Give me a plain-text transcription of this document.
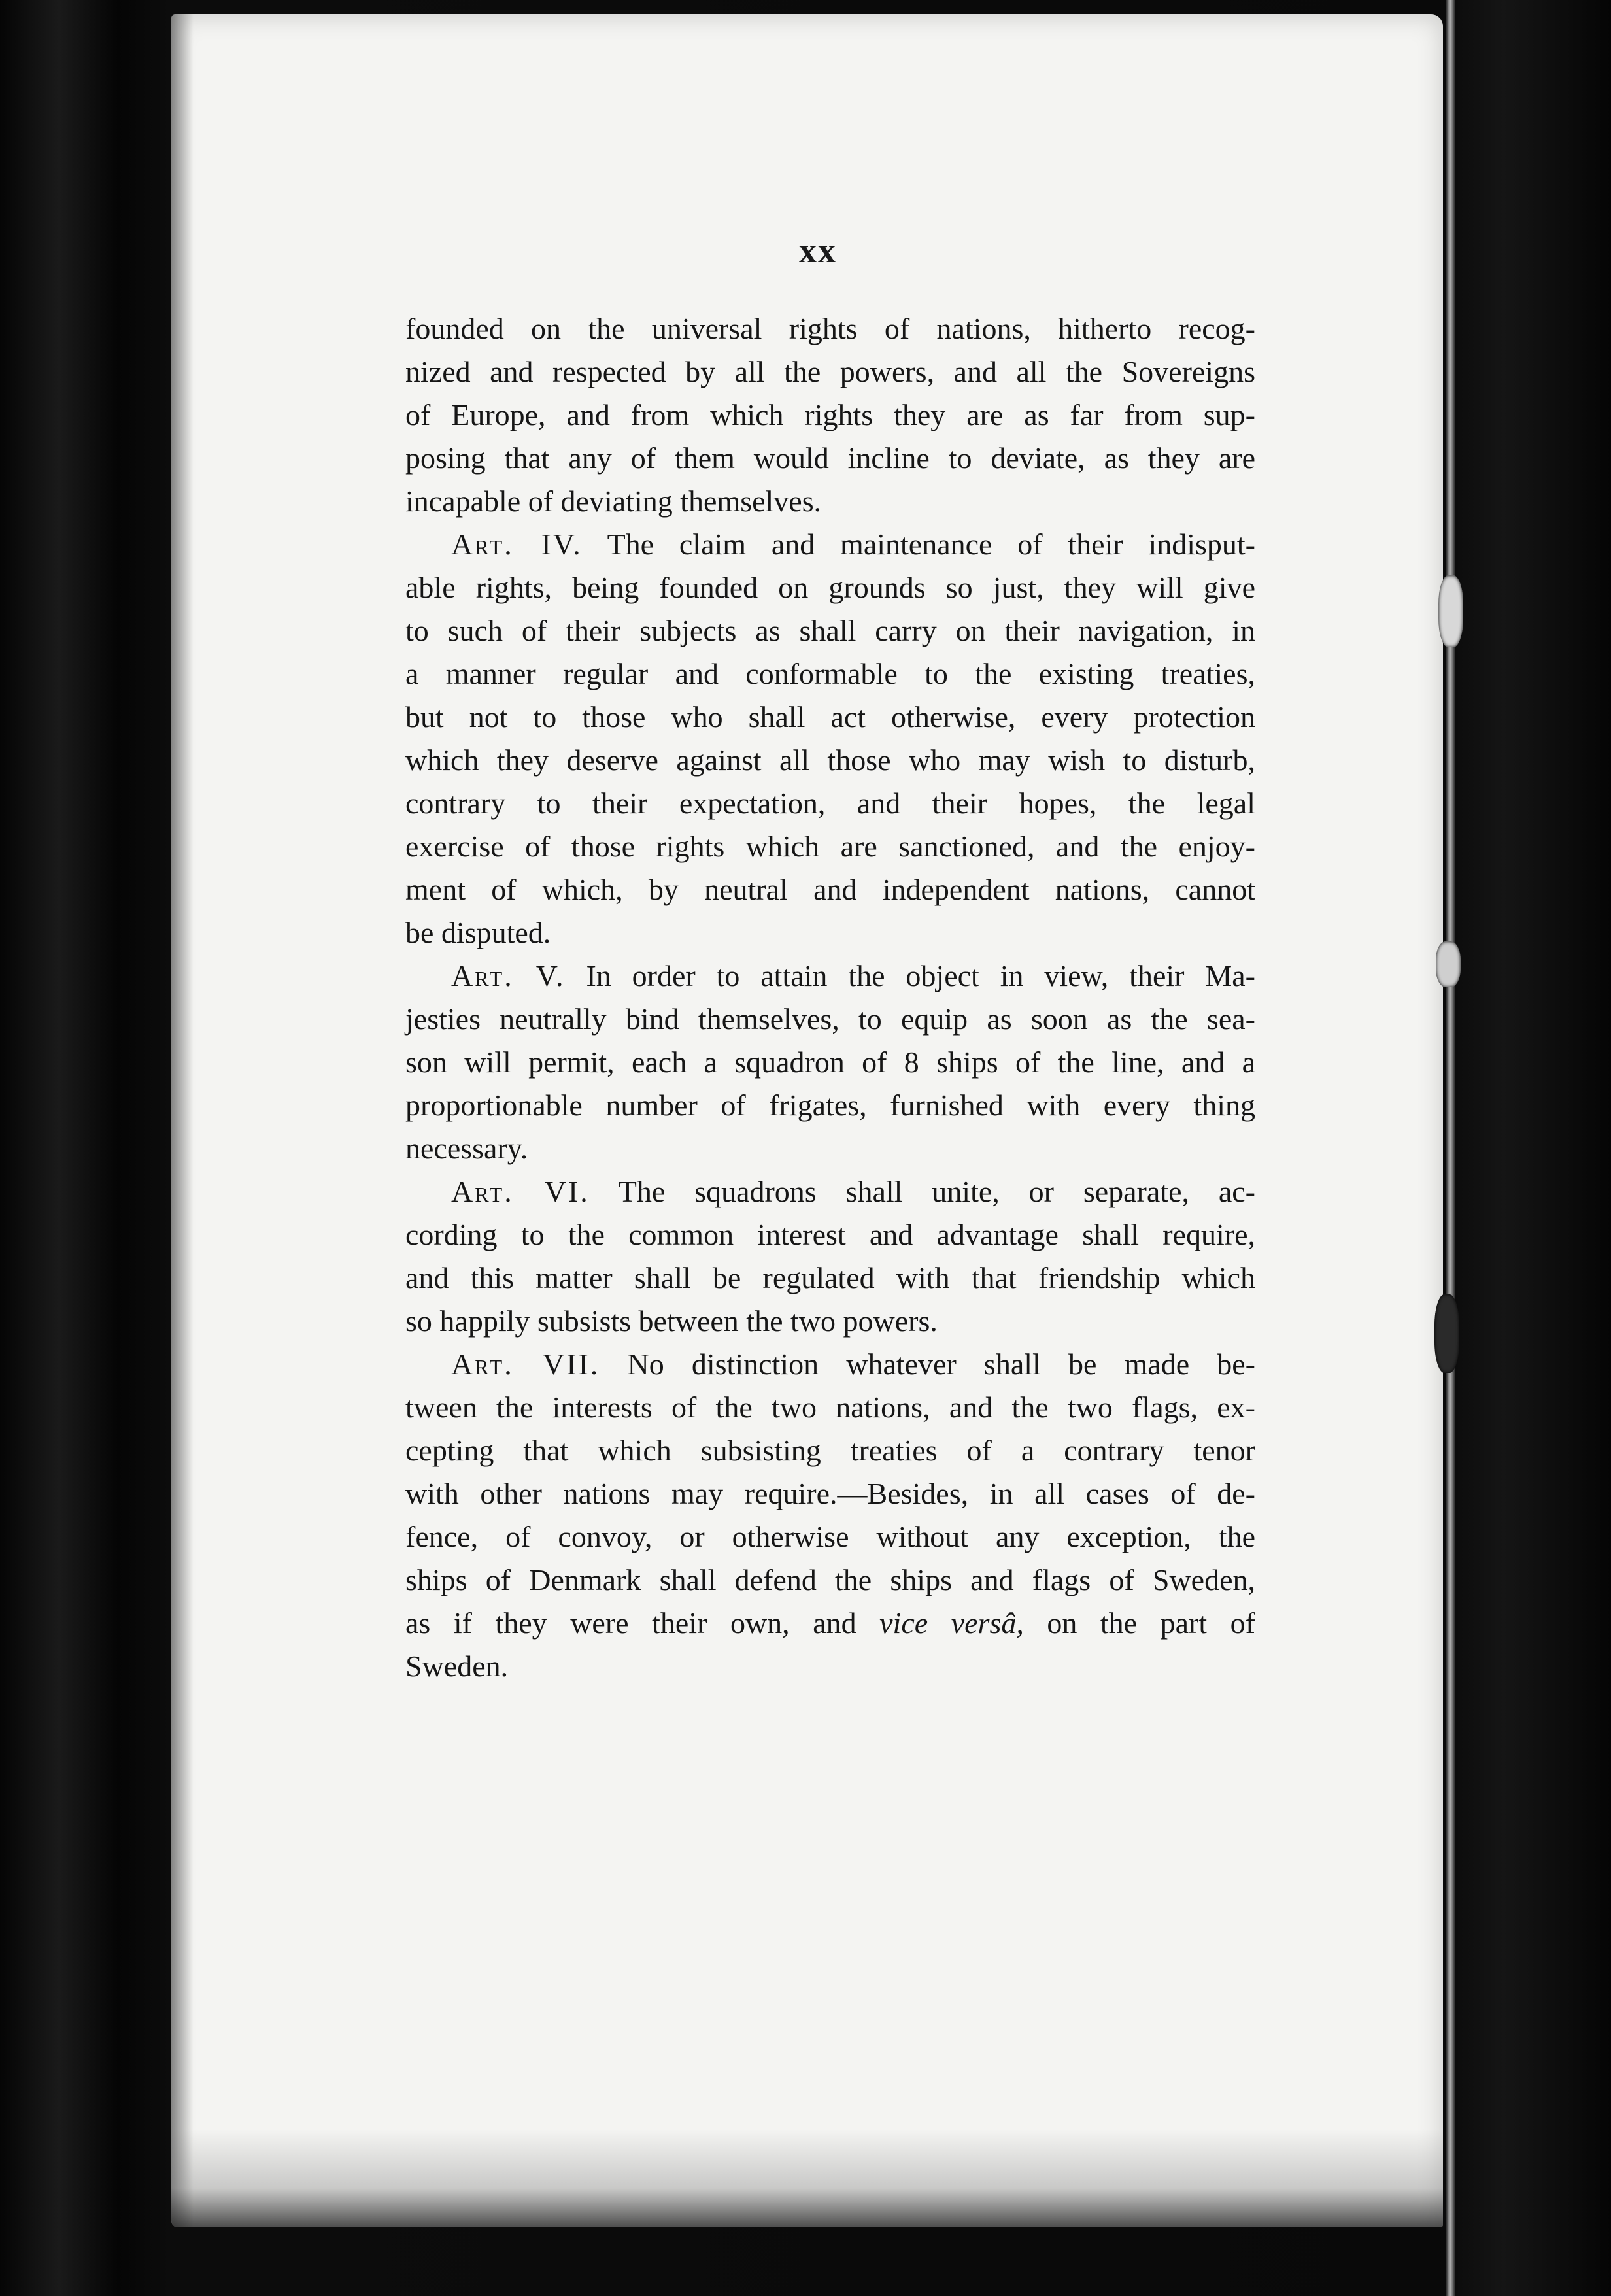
xx
founded on the universal rights of nations, hitherto recog-
nized and respected by all the powers, and all the Sovereigns
of Europe, and from which rights they are as far from sup-
posing that any of them would incline to deviate, as they are
incapable of deviating themselves.
Art. IV. The claim and maintenance of their indisput-
able rights, being founded on grounds so just, they will give
to such of their subjects as shall carry on their navigation, in
a manner regular and conformable to the existing treaties,
but not to those who shall act otherwise, every protection
which they deserve against all those who may wish to disturb,
contrary to their expectation, and their hopes, the legal
exercise of those rights which are sanctioned, and the enjoy-
ment of which, by neutral and independent nations, cannot
be disputed.
Art. V. In order to attain the object in view, their Ma-
jesties neutrally bind themselves, to equip as soon as the sea-
son will permit, each a squadron of 8 ships of the line, and a
proportionable number of frigates, furnished with every thing
necessary.
Art. VI. The squadrons shall unite, or separate, ac-
cording to the common interest and advantage shall require,
and this matter shall be regulated with that friendship which
so happily subsists between the two powers.
Art. VII. No distinction whatever shall be made be-
tween the interests of the two nations, and the two flags, ex-
cepting that which subsisting treaties of a contrary tenor
with other nations may require.—Besides, in all cases of de-
fence, of convoy, or otherwise without any exception, the
ships of Denmark shall defend the ships and flags of Sweden,
as if they were their own, and vice versâ, on the part of
Sweden.
